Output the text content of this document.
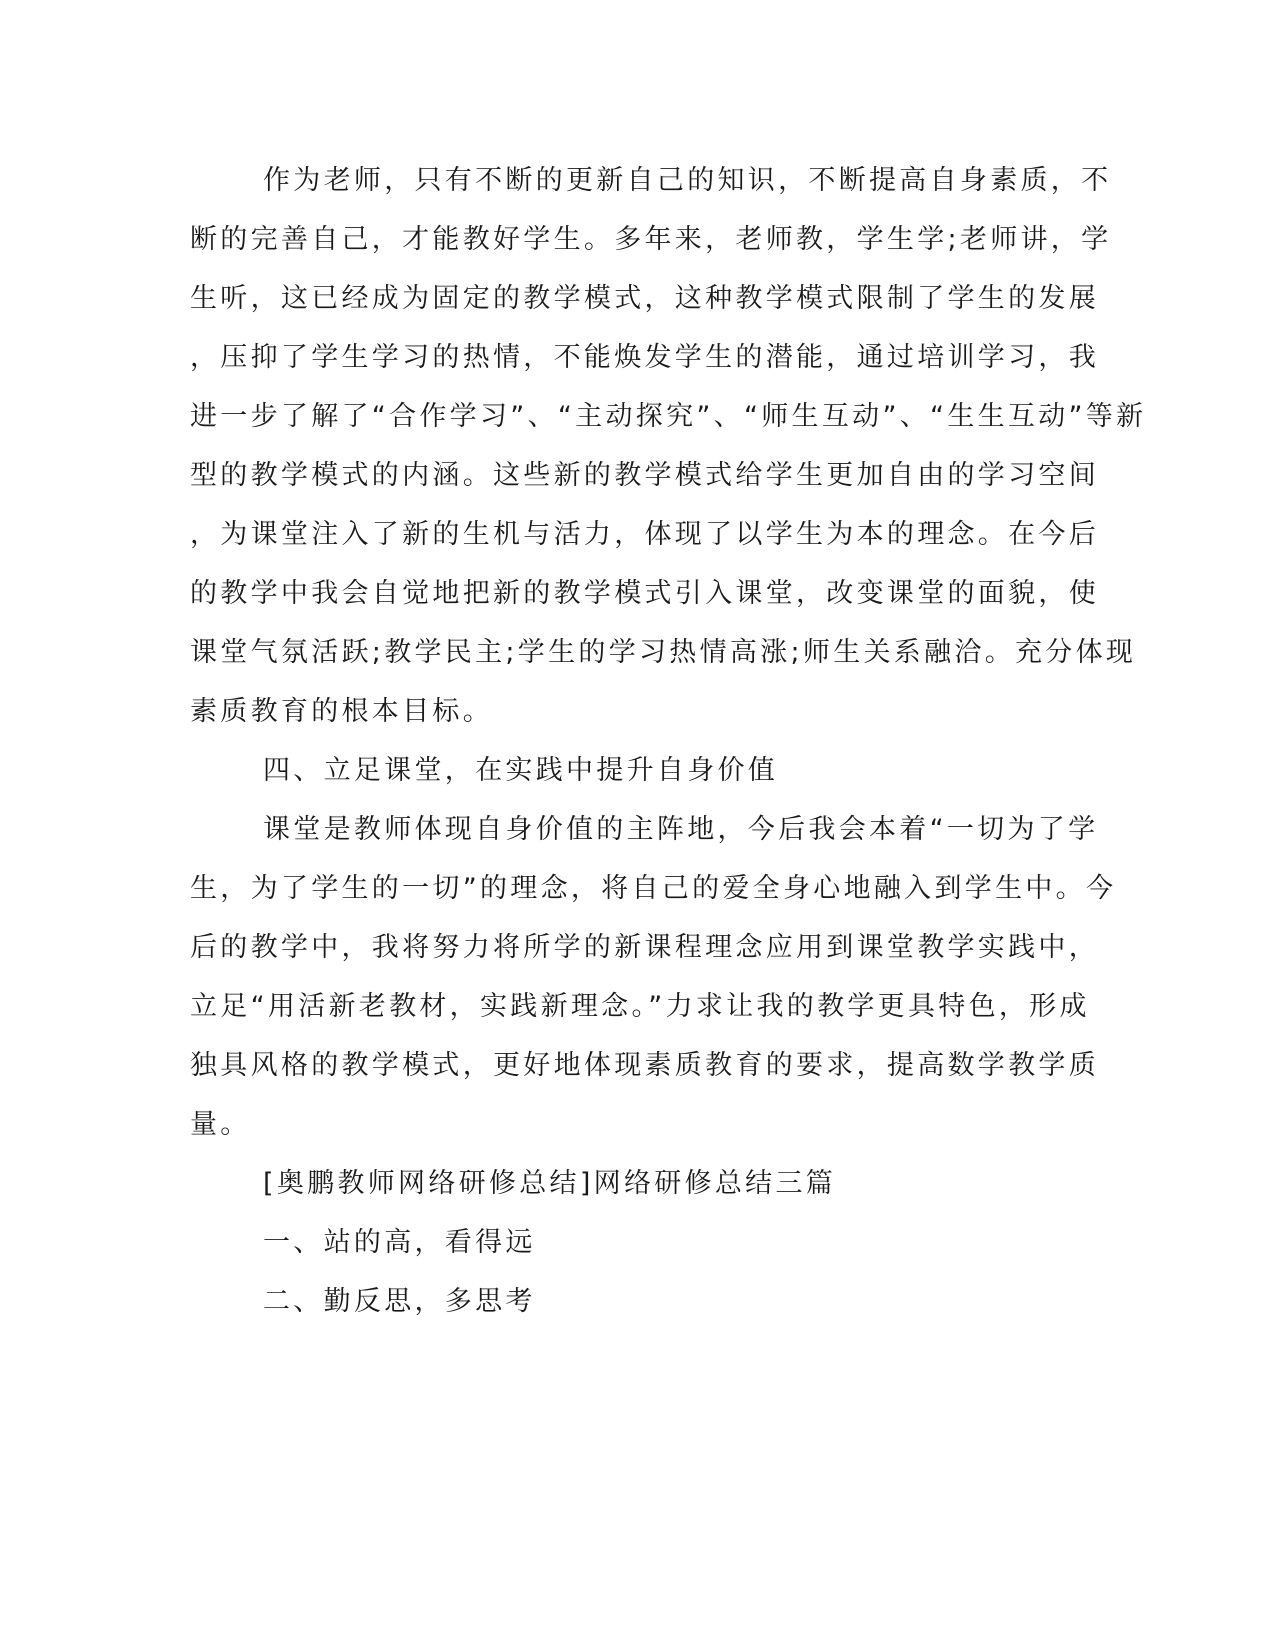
作为老师，只有不断的更新自己的知识，不断提高自身素质，不
断的完善自己，才能教好学生。多年来，老师教，学生学;老师讲，学
生听，这已经成为固定的教学模式，这种教学模式限制了学生的发展
，压抑了学生学习的热情，不能焕发学生的潜能，通过培训学习，我
进一步了解了“合作学习”、“主动探究”、“师生互动”、“生生互动”等新
型的教学模式的内涵。这些新的教学模式给学生更加自由的学习空间
，为课堂注入了新的生机与活力，体现了以学生为本的理念。在今后
的教学中我会自觉地把新的教学模式引入课堂，改变课堂的面貌，使
课堂气氛活跃;教学民主;学生的学习热情高涨;师生关系融洽。充分体现
素质教育的根本目标。
四、立足课堂，在实践中提升自身价值
课堂是教师体现自身价值的主阵地，今后我会本着“一切为了学
生，为了学生的一切”的理念，将自己的爱全身心地融入到学生中。今
后的教学中，我将努力将所学的新课程理念应用到课堂教学实践中，
立足“用活新老教材，实践新理念。”力求让我的教学更具特色，形成
独具风格的教学模式，更好地体现素质教育的要求，提高数学教学质
量。
[奥鹏教师网络研修总结]网络研修总结三篇
一、站的高，看得远
二、勤反思，多思考
